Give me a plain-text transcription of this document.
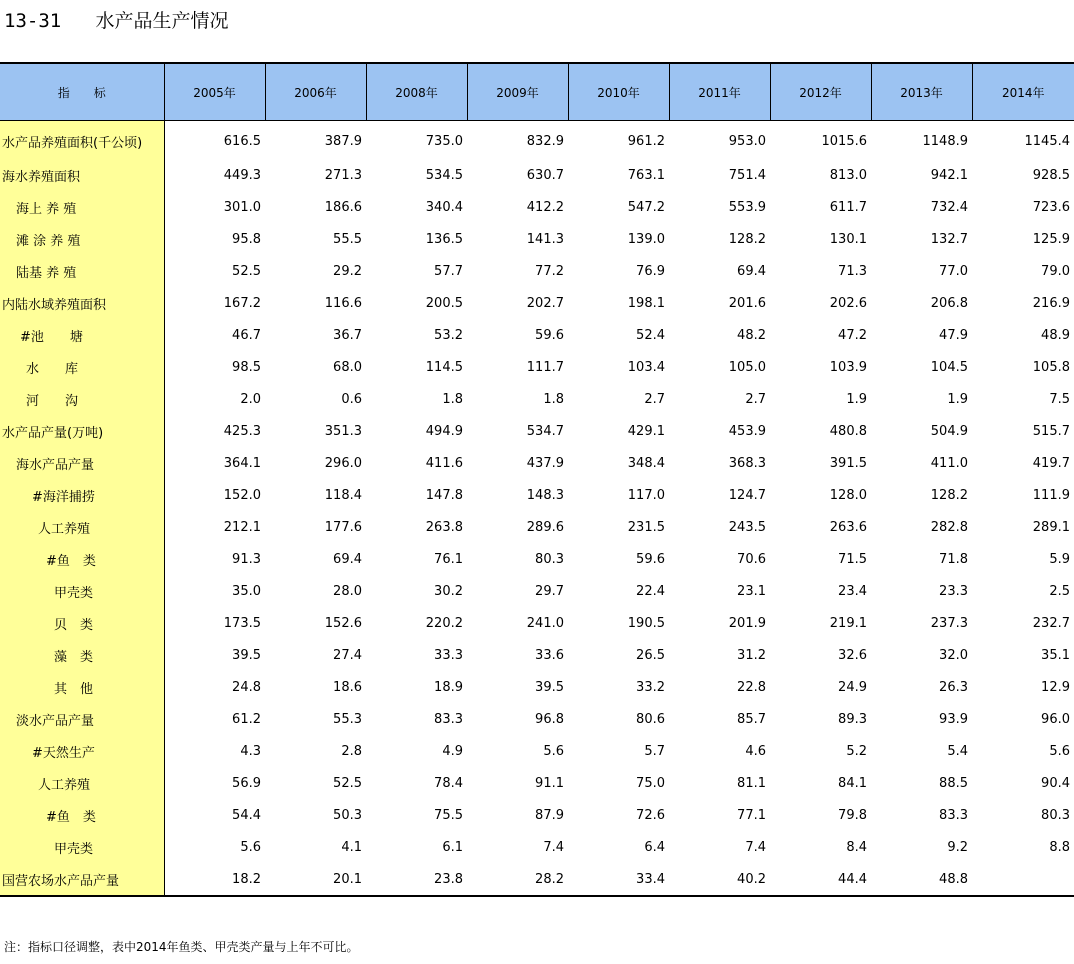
13-31   水产品生产情况
指　　标	2005年	2006年	2008年	2009年	2010年	2011年	2012年	2013年	2014年
水产品养殖面积(千公顷)	616.5	387.9	735.0	832.9	961.2	953.0	1015.6	1148.9	1145.4
海水养殖面积	449.3	271.3	534.5	630.7	763.1	751.4	813.0	942.1	928.5
海上 养 殖	301.0	186.6	340.4	412.2	547.2	553.9	611.7	732.4	723.6
滩 涂 养 殖	95.8	55.5	136.5	141.3	139.0	128.2	130.1	132.7	125.9
陆基 养 殖	52.5	29.2	57.7	77.2	76.9	69.4	71.3	77.0	79.0
内陆水域养殖面积	167.2	116.6	200.5	202.7	198.1	201.6	202.6	206.8	216.9
#池　　塘	46.7	36.7	53.2	59.6	52.4	48.2	47.2	47.9	48.9
水　　库	98.5	68.0	114.5	111.7	103.4	105.0	103.9	104.5	105.8
河　　沟	2.0	0.6	1.8	1.8	2.7	2.7	1.9	1.9	7.5
水产品产量(万吨)	425.3	351.3	494.9	534.7	429.1	453.9	480.8	504.9	515.7
海水产品产量	364.1	296.0	411.6	437.9	348.4	368.3	391.5	411.0	419.7
#海洋捕捞	152.0	118.4	147.8	148.3	117.0	124.7	128.0	128.2	111.9
人工养殖	212.1	177.6	263.8	289.6	231.5	243.5	263.6	282.8	289.1
#鱼　类	91.3	69.4	76.1	80.3	59.6	70.6	71.5	71.8	5.9
甲壳类	35.0	28.0	30.2	29.7	22.4	23.1	23.4	23.3	2.5
贝　类	173.5	152.6	220.2	241.0	190.5	201.9	219.1	237.3	232.7
藻　类	39.5	27.4	33.3	33.6	26.5	31.2	32.6	32.0	35.1
其　他	24.8	18.6	18.9	39.5	33.2	22.8	24.9	26.3	12.9
淡水产品产量	61.2	55.3	83.3	96.8	80.6	85.7	89.3	93.9	96.0
#天然生产	4.3	2.8	4.9	5.6	5.7	4.6	5.2	5.4	5.6
人工养殖	56.9	52.5	78.4	91.1	75.0	81.1	84.1	88.5	90.4
#鱼　类	54.4	50.3	75.5	87.9	72.6	77.1	79.8	83.3	80.3
甲壳类	5.6	4.1	6.1	7.4	6.4	7.4	8.4	9.2	8.8
国营农场水产品产量	18.2	20.1	23.8	28.2	33.4	40.2	44.4	48.8	
注：指标口径调整，表中2014年鱼类、甲壳类产量与上年不可比。
